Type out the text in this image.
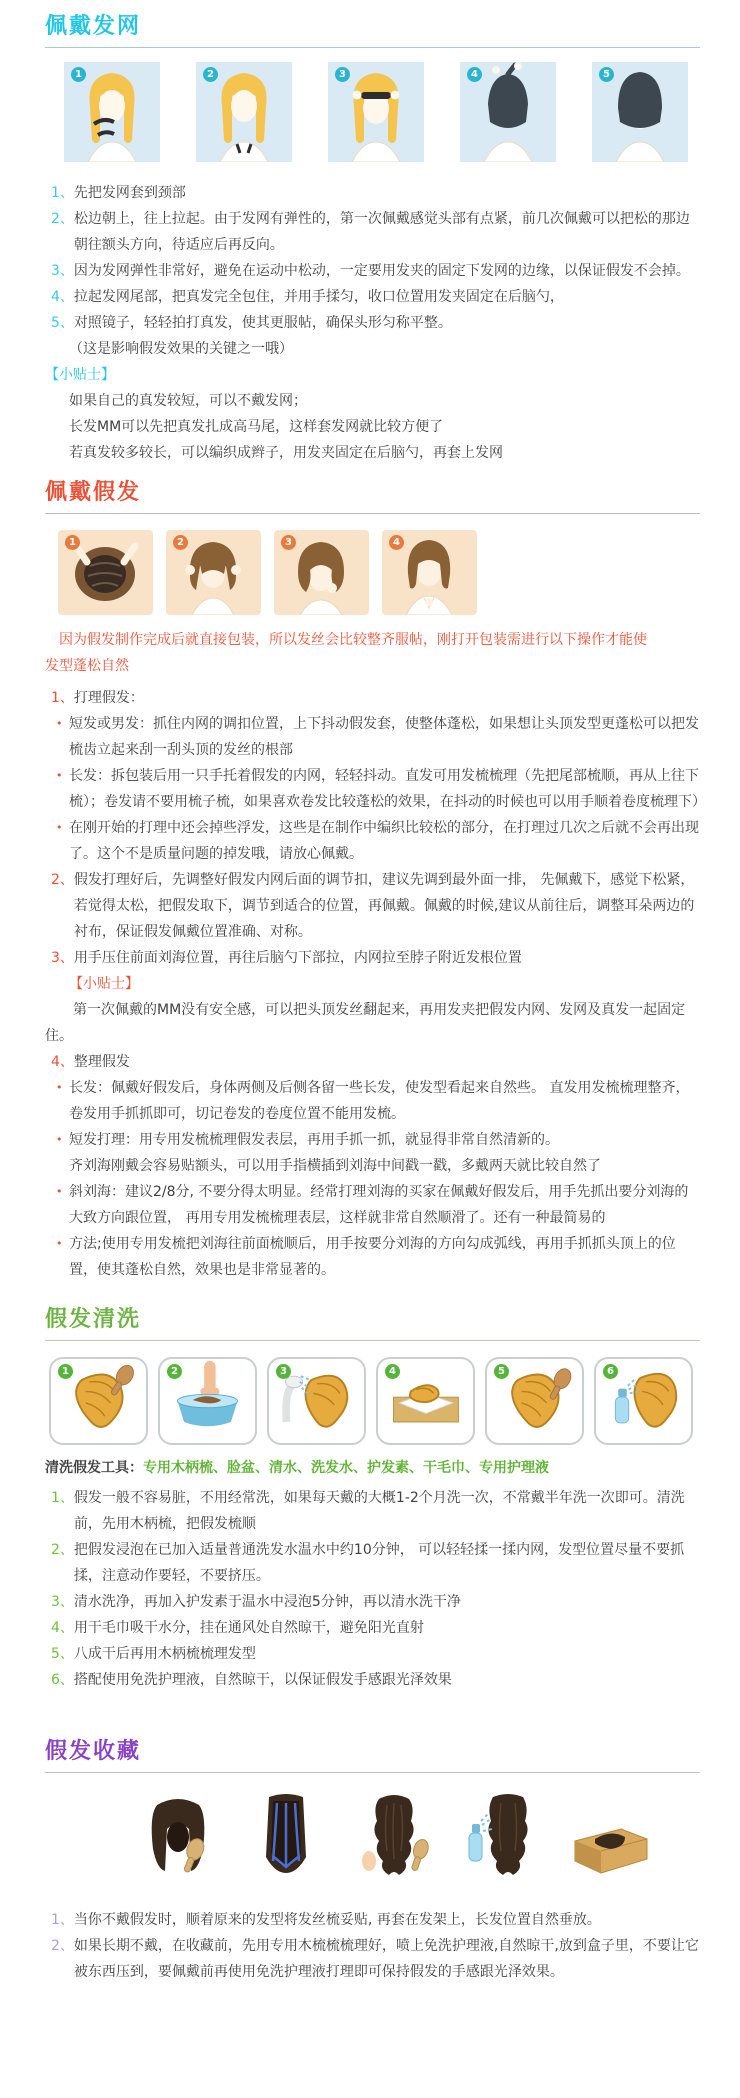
佩戴发网
1	2	3	4	5
1、 先把发网套到颈部
2、 松边朝上，往上拉起。由于发网有弹性的，第一次佩戴感觉头部有点紧，前几次佩戴可以把松的那边朝往额头方向，待适应后再反向。
3、 因为发网弹性非常好，避免在运动中松动，一定要用发夹的固定下发网的边缘，以保证假发不会掉。
4、 拉起发网尾部，把真发完全包住，并用手揉匀，收口位置用发夹固定在后脑勺，
5、 对照镜子，轻轻拍打真发，使其更服帖，确保头形匀称平整。
（这是影响假发效果的关键之一哦）
【小贴士】
如果自己的真发较短，可以不戴发网；
长发MM可以先把真发扎成高马尾，这样套发网就比较方便了
若真发较多较长，可以编织成辫子，用发夹固定在后脑勺，再套上发网
佩戴假发
1	2	3	4
因为假发制作完成后就直接包装，所以发丝会比较整齐服帖，刚打开包装需进行以下操作才能使
发型蓬松自然
1、 打理假发：
• 短发或男发：抓住内网的调扣位置，上下抖动假发套，使整体蓬松，如果想让头顶发型更蓬松可以把发梳齿立起来刮一刮头顶的发丝的根部
• 长发：拆包装后用一只手托着假发的内网，轻轻抖动。直发可用发梳梳理（先把尾部梳顺，再从上往下梳）；卷发请不要用梳子梳，如果喜欢卷发比较蓬松的效果，在抖动的时候也可以用手顺着卷度梳理下）
• 在刚开始的打理中还会掉些浮发，这些是在制作中编织比较松的部分，在打理过几次之后就不会再出现了。这个不是质量问题的掉发哦，请放心佩戴。
2、 假发打理好后，先调整好假发内网后面的调节扣，建议先调到最外面一排， 先佩戴下，感觉下松紧，若觉得太松，把假发取下，调节到适合的位置，再佩戴。佩戴的时候,建议从前往后，调整耳朵两边的衬布，保证假发佩戴位置准确、对称。
3、 用手压住前面刘海位置，再往后脑勺下部拉，内网拉至脖子附近发根位置
【小贴士】
第一次佩戴的MM没有安全感，可以把头顶发丝翻起来，再用发夹把假发内网、发网及真发一起固定住。
4、 整理假发
• 长发：佩戴好假发后，身体两侧及后侧各留一些长发，使发型看起来自然些。 直发用发梳梳理整齐，卷发用手抓抓即可，切记卷发的卷度位置不能用发梳。
• 短发打理：用专用发梳梳理假发表层，再用手抓一抓，就显得非常自然清新的。
齐刘海刚戴会容易贴额头，可以用手指横插到刘海中间戳一戳，多戴两天就比较自然了
• 斜刘海：建议2/8分, 不要分得太明显。经常打理刘海的买家在佩戴好假发后，用手先抓出要分刘海的大致方向跟位置， 再用专用发梳梳理表层，这样就非常自然顺滑了。还有一种最简易的
• 方法;使用专用发梳把刘海往前面梳顺后，用手按要分刘海的方向勾成弧线，再用手抓抓头顶上的位置，使其蓬松自然，效果也是非常显著的。
假发清洗
1	2	3	4	5	6
清洗假发工具：专用木柄梳、脸盆、清水、洗发水、护发素、干毛巾、专用护理液
1、 假发一般不容易脏，不用经常洗，如果每天戴的大概1-2个月洗一次，不常戴半年洗一次即可。清洗前，先用木柄梳，把假发梳顺
2、 把假发浸泡在已加入适量普通洗发水温水中约10分钟， 可以轻轻揉一揉内网，发型位置尽量不要抓揉，注意动作要轻，不要挤压。
3、 清水洗净，再加入护发素于温水中浸泡5分钟，再以清水洗干净
4、 用干毛巾吸干水分，挂在通风处自然晾干，避免阳光直射
5、 八成干后再用木柄梳梳理发型
6、 搭配使用免洗护理液，自然晾干，以保证假发手感跟光泽效果
假发收藏
1、 当你不戴假发时，顺着原来的发型将发丝梳妥贴, 再套在发架上，长发位置自然垂放。
2、 如果长期不戴，在收藏前，先用专用木梳梳梳理好，喷上免洗护理液,自然晾干,放到盒子里，不要让它被东西压到，要佩戴前再使用免洗护理液打理即可保持假发的手感跟光泽效果。
